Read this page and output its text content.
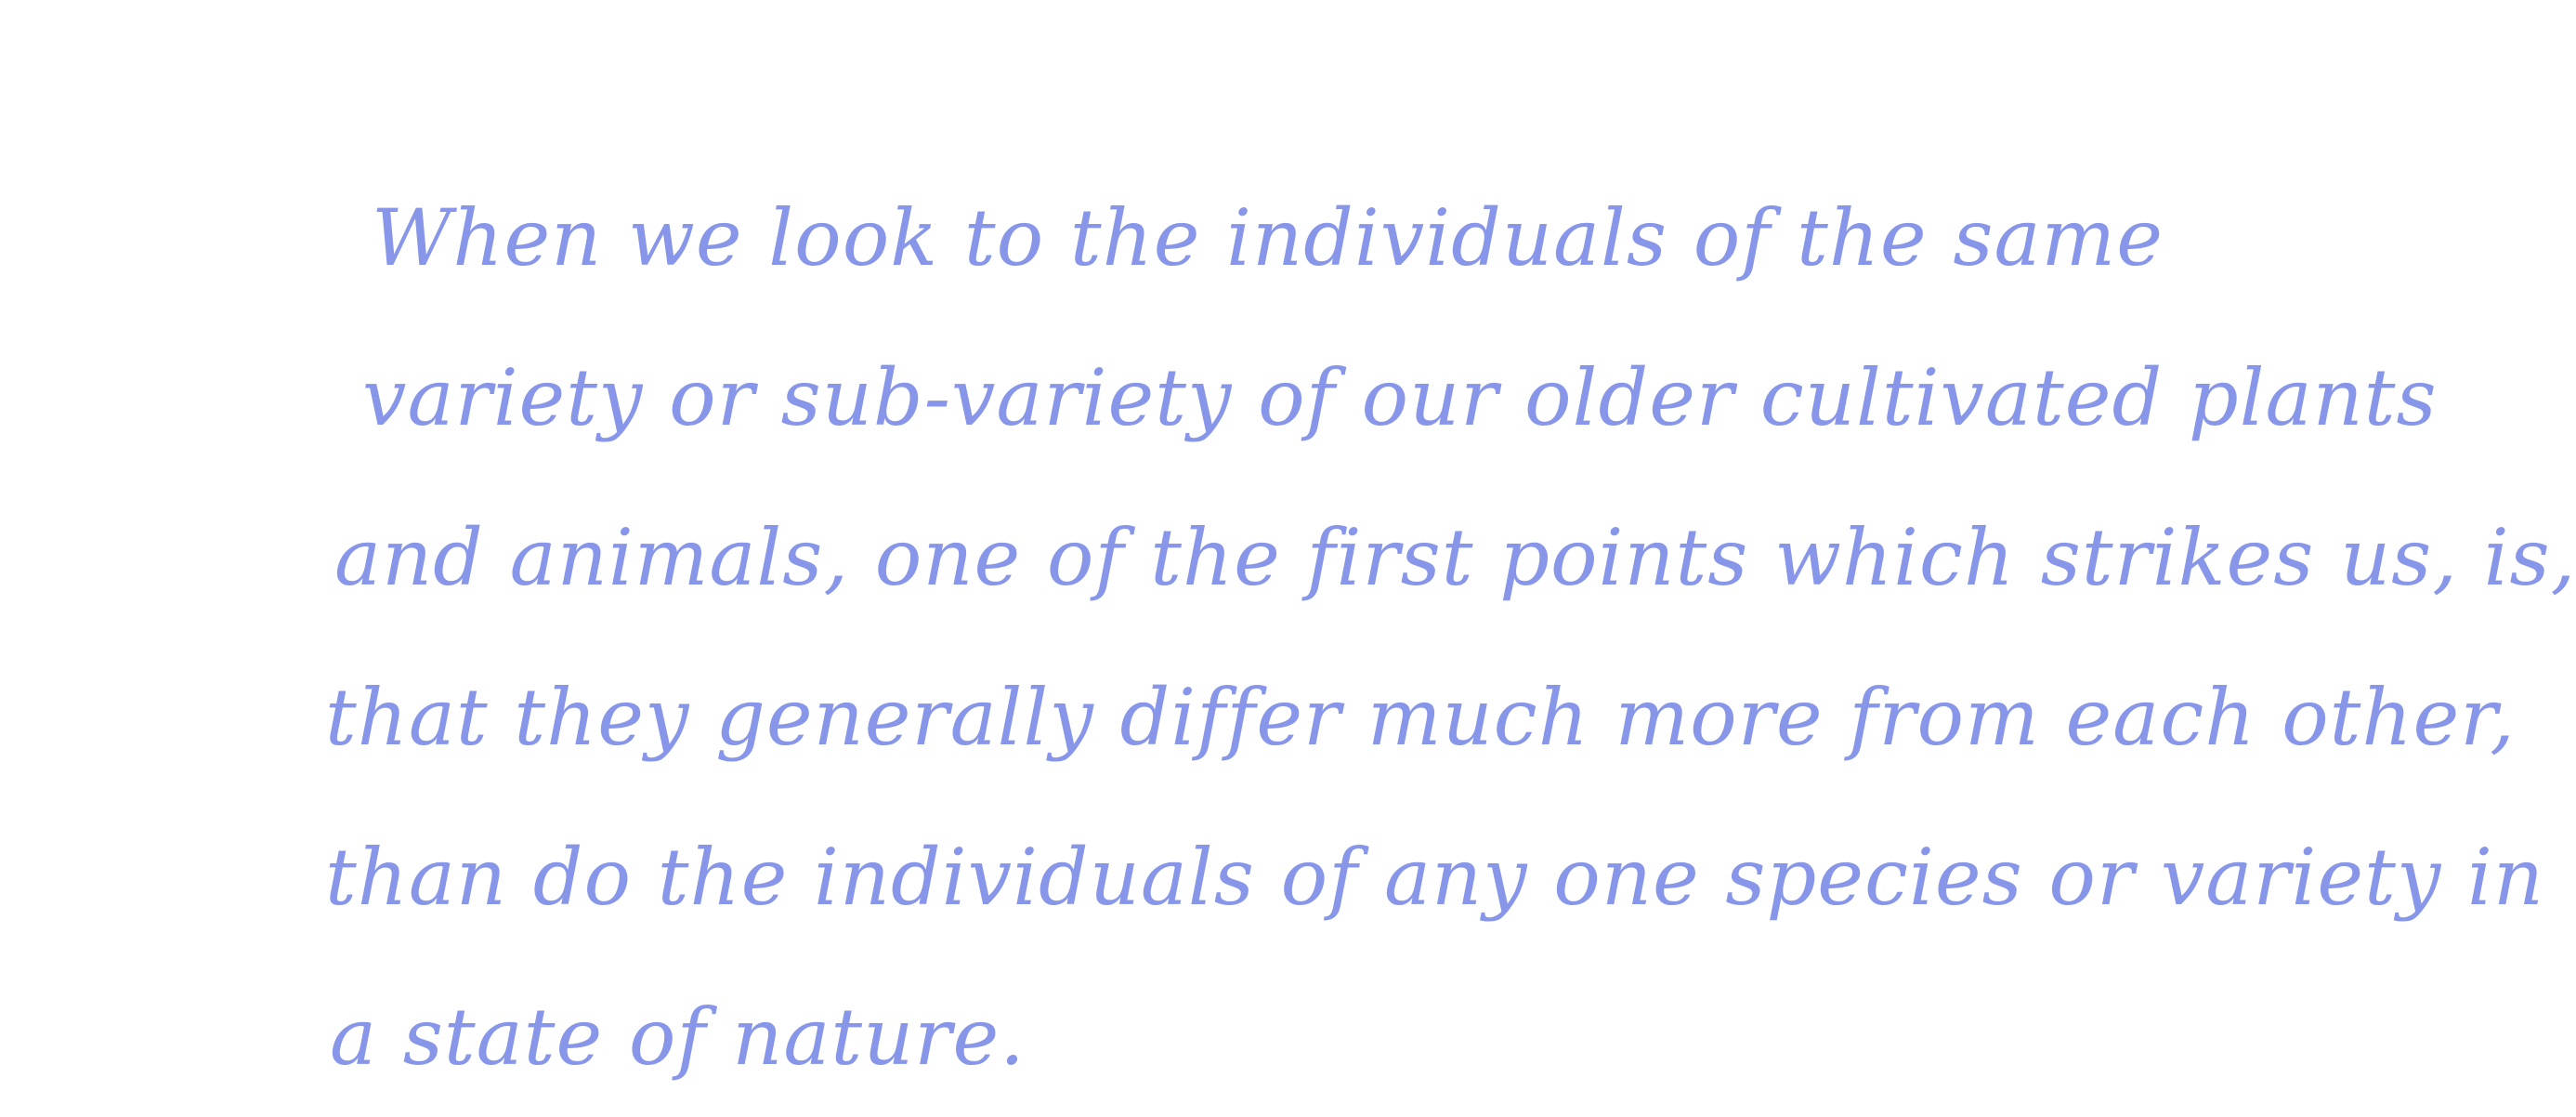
When we look to the individuals of the same
variety or sub-variety of our older cultivated plants
and animals, one of the first points which strikes us, is,
that they generally differ much more from each other,
than do the individuals of any one species or variety in
a state of nature.
